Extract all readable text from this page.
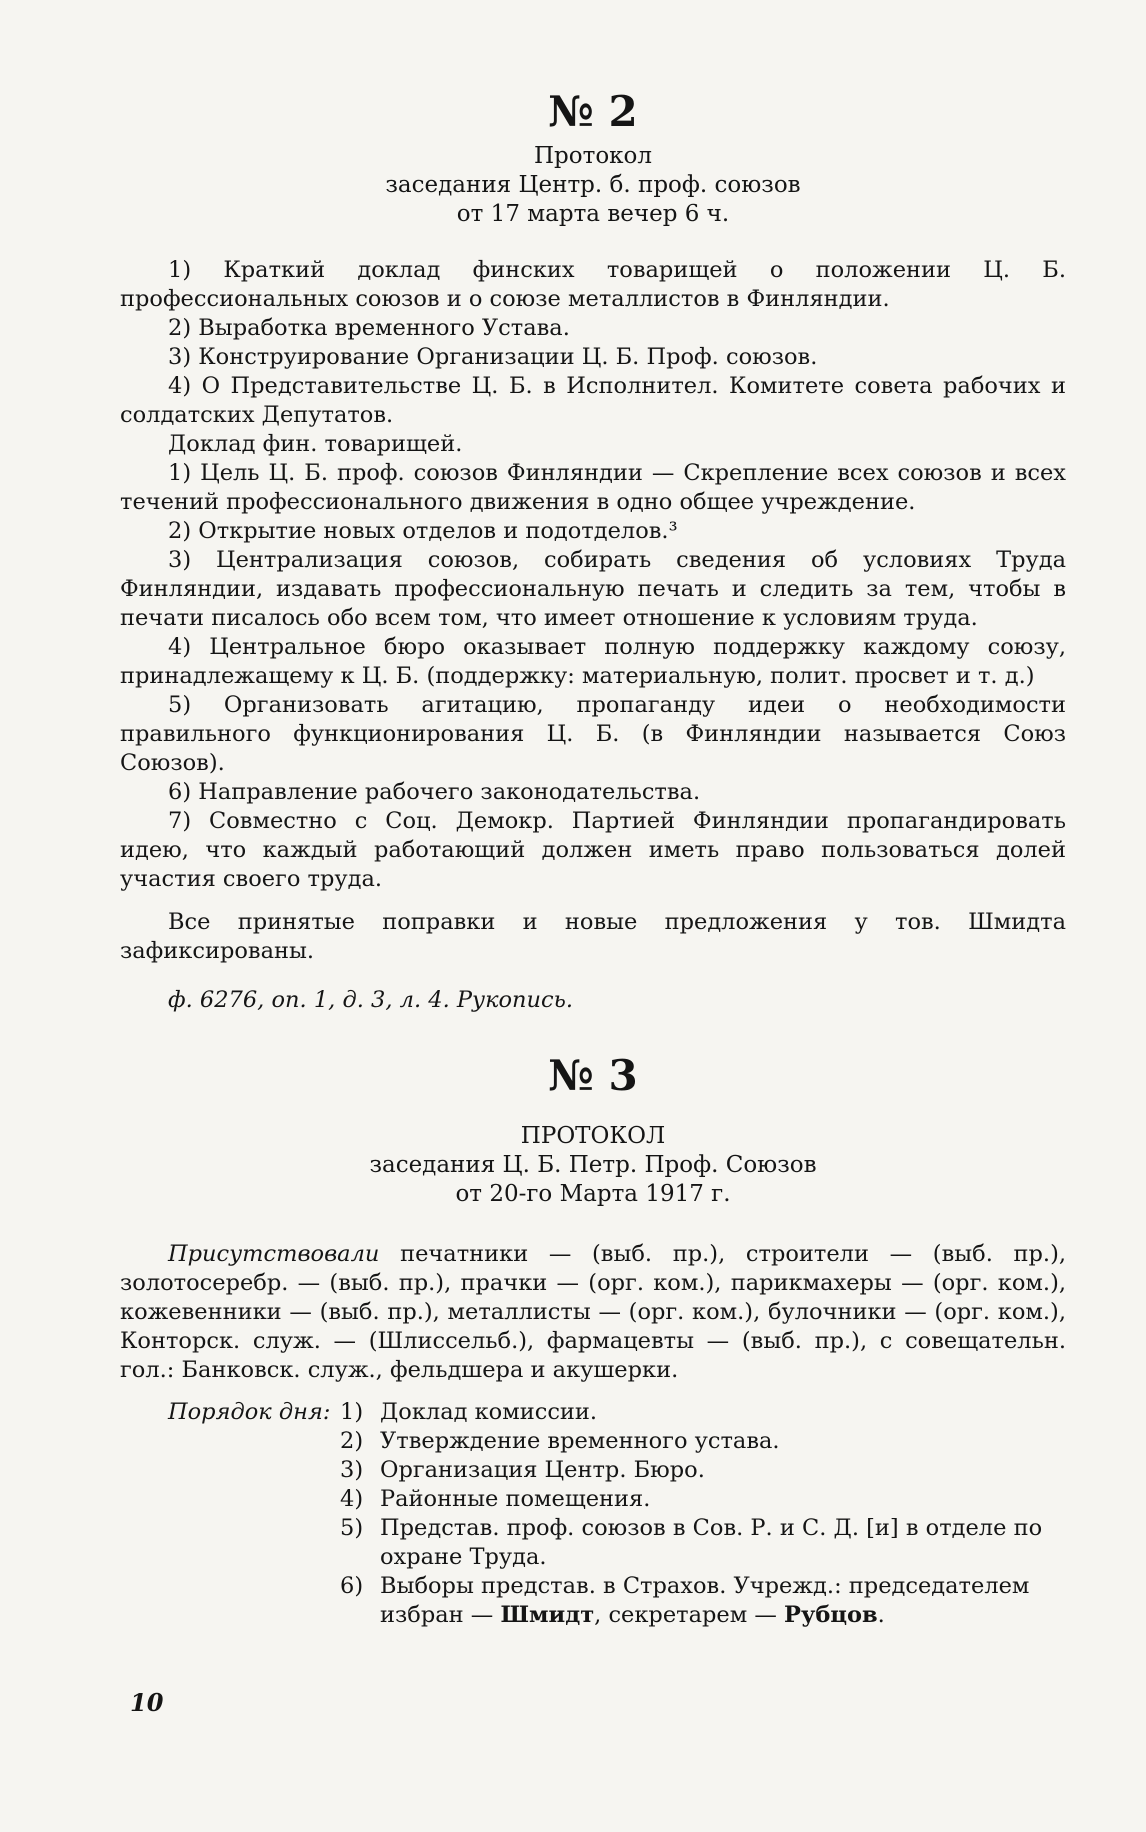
№ 2

Протокол

заседания Центр. б. проф. союзов

от 17 марта вечер 6 ч.

1) Краткий доклад финских товарищей о положении Ц. Б. профессиональных союзов и о союзе металлистов в Финляндии.

2) Выработка временного Устава.

3) Конструирование Организации Ц. Б. Проф. союзов.

4) О Представительстве Ц. Б. в Исполнител. Комитете совета рабочих и солдатских Депутатов.

Доклад фин. товарищей.

1) Цель Ц. Б. проф. союзов Финляндии — Скрепление всех союзов и всех течений профессионального движения в одно общее учреждение.

2) Открытие новых отделов и подотделов.³

3) Централизация союзов, собирать сведения об условиях Труда Финляндии, издавать профессиональную печать и следить за тем, чтобы в печати писалось обо всем том, что имеет отношение к условиям труда.

4) Центральное бюро оказывает полную поддержку каждому союзу, принадлежащему к Ц. Б. (поддержку: материальную, полит. просвет и т. д.)

5) Организовать агитацию, пропаганду идеи о необходимости правильного функционирования Ц. Б. (в Финляндии называется Союз Союзов).

6) Направление рабочего законодательства.

7) Совместно с Соц. Демокр. Партией Финляндии пропагандировать идею, что каждый работающий должен иметь право пользоваться долей участия своего труда.

Все принятые поправки и новые предложения у тов. Шмидта зафиксированы.

ф. 6276, оп. 1, д. 3, л. 4. Рукопись.

№ 3

ПРОТОКОЛ

заседания Ц. Б. Петр. Проф. Союзов

от 20-го Марта 1917 г.

Присутствовали печатники — (выб. пр.), строители — (выб. пр.), золотосеребр. — (выб. пр.), прачки — (орг. ком.), парикмахеры — (орг. ком.), кожевенники — (выб. пр.), металлисты — (орг. ком.), булочники — (орг. ком.), Конторск. служ. — (Шлиссельб.), фармацевты — (выб. пр.), с совещательн. гол.: Банковск. служ., фельдшера и акушерки.

Порядок дня: 1) Доклад комиссии.
2) Утверждение временного устава.
3) Организация Центр. Бюро.
4) Районные помещения.
5) Представ. проф. союзов в Сов. Р. и С. Д. [и] в отделе по охране Труда.
6) Выборы представ. в Страхов. Учрежд.: председателем избран — Шмидт, секретарем — Рубцов.
10
